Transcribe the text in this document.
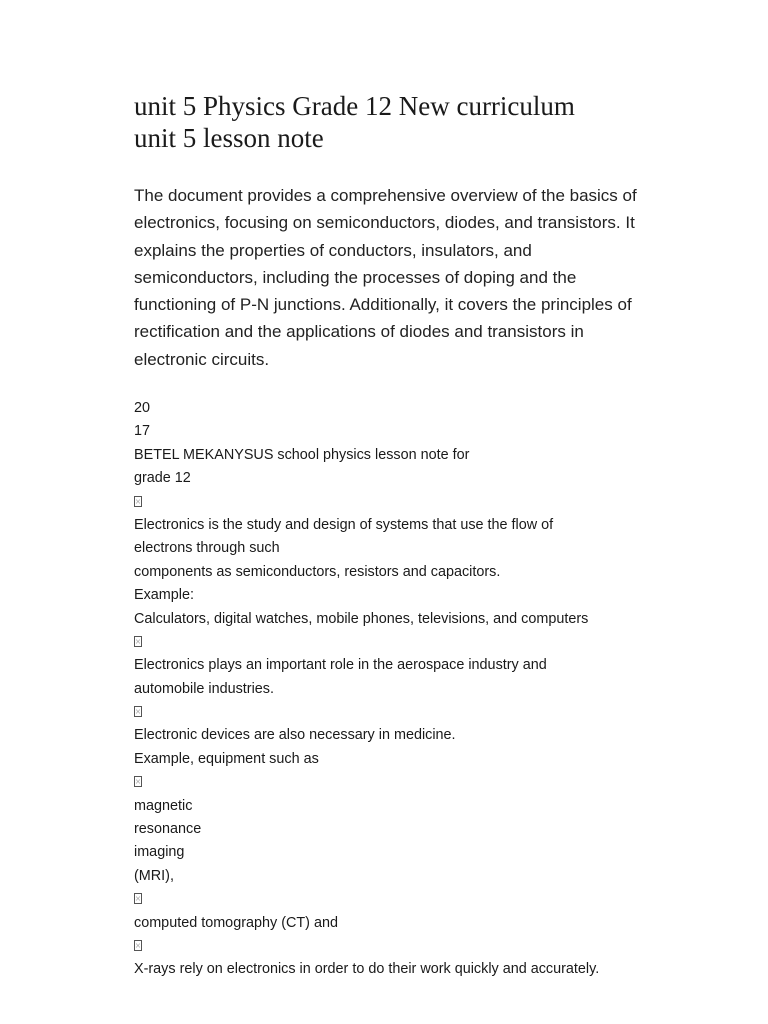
unit 5 Physics Grade 12 New curriculum
unit 5 lesson note

The document provides a comprehensive overview of the basics of electronics, focusing on semiconductors, diodes, and transistors. It explains the properties of conductors, insulators, and semiconductors, including the processes of doping and the functioning of P-N junctions. Additionally, it covers the principles of rectification and the applications of diodes and transistors in electronic circuits.

20
17
BETEL MEKANYSUS school physics lesson note for
grade 12
Electronics is the study and design of systems that use the flow of
electrons through such
components as semiconductors, resistors and capacitors.
Example:
Calculators, digital watches, mobile phones, televisions, and computers
Electronics plays an important role in the aerospace industry and
automobile industries.
Electronic devices are also necessary in medicine.
Example, equipment such as
magnetic
resonance
imaging
(MRI),
computed tomography (CT) and
X-rays rely on electronics in order to do their work quickly and accurately.
